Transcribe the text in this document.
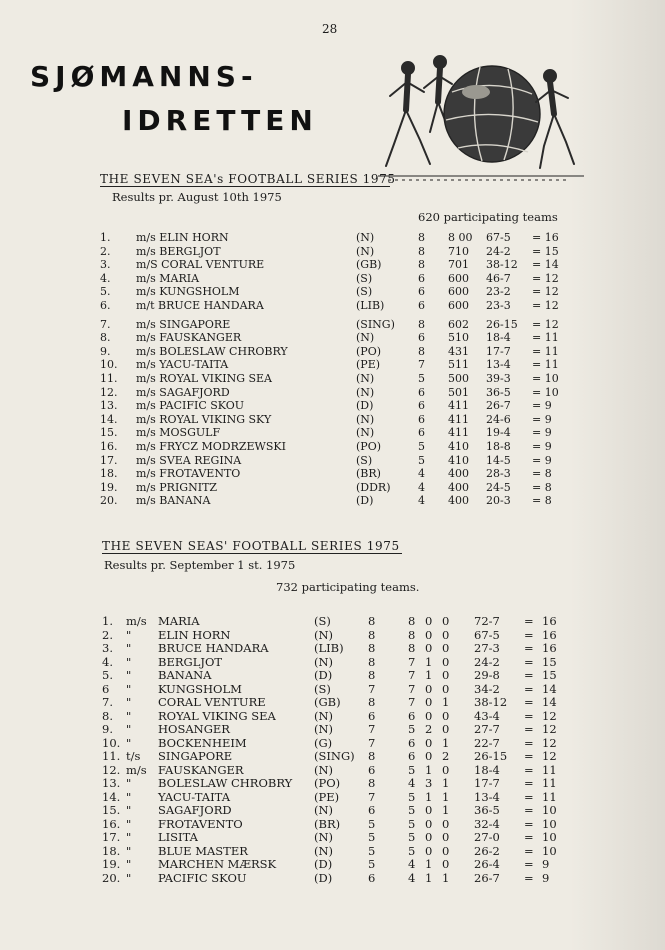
28
SJØMANNS-
IDRETTEN
THE SEVEN SEA's FOOTBALL SERIES 1975
Results pr. August 10th 1975
620 participating teams
1. m/s ELIN HORN	(N)	8 8 00 67-5 = 16
2. m/s BERGLJOT	(N)	8 710 24-2 = 15
3. m/S CORAL VENTURE	(GB)	8 701 38-12 = 14
4. m/s MARIA	(S)	6 600 46-7 = 12
5. m/s KUNGSHOLM	(S)	6 600 23-2 = 12
6. m/t BRUCE HANDARA	(LIB)	6 600 23-3 = 12
7. m/s SINGAPORE	(SING) 8 602 26-15 = 12
8. m/s FAUSKANGER	(N)	6 510 18-4 = 11
9. m/s BOLESLAW CHROBRY	(PO)	8 431 17-7 = 11
10. m/s YACU-TAITA	(PE)	7 511 13-4 = 11
11. m/s ROYAL VIKING SEA	(N)	5 500 39-3 = 10
12. m/s SAGAFJORD	(N)	6 501 36-5 = 10
13. m/s PACIFIC SKOU	(D)	6 411 26-7 = 9
14. m/s ROYAL VIKING SKY	(N)	6 411 24-6 = 9
15. m/s MOSGULF	(N)	6 411 19-4 = 9
16. m/s FRYCZ MODRZEWSKI	(PO)	5 410 18-8 = 9
17. m/s SVEA REGINA	(S)	5 410 14-5 = 9
18. m/s FROTAVENTO	(BR)	4 400 28-3 = 8
19. m/s PRIGNITZ	(DDR) 4 400 24-5 = 8
20. m/s BANANA	(D)	4 400 20-3 = 8
THE SEVEN SEAS' FOOTBALL SERIES 1975
Results pr. September 1 st. 1975
732 participating teams.
1. m/s MARIA	(S)	8	8 0 0 72-7 = 16
2. " ELIN HORN	(N)	8	8 0 0 67-5 = 16
3. " BRUCE HANDARA	(LIB) 8	8 0 0 27-3 = 16
4. " BERGLJOT	(N)	8	7 1 0 24-2 = 15
5. " BANANA	(D)	8	7 1 0 29-8 = 15
6 " KUNGSHOLM	(S)	7	7 0 0 34-2 = 14
7. " CORAL VENTURE	(GB) 8	7 0 1 38-12 = 14
8. " ROYAL VIKING SEA	(N)	6	6 0 0 43-4 = 12
9. " HOSANGER	(N)	7	5 2 0 27-7 = 12
10. " BOCKENHEIM	(G)	7	6 0 1 22-7 = 12
11. t/s SINGAPORE	(SING) 8	6 0 2 26-15 = 12
12. m/s FAUSKANGER	(N)	6	5 1 0 18-4 = 11
13. " BOLESLAW CHROBRY (PO) 8	4 3 1 17-7 = 11
14. " YACU-TAITA	(PE)	7	5 1 1 13-4 = 11
15. " SAGAFJORD	(N)	6	5 0 1 36-5 = 10
16. " FROTAVENTO	(BR) 5	5 0 0 32-4 = 10
17. " LISITA	(N)	5	5 0 0 27-0 = 10
18. " BLUE MASTER	(N)	5	5 0 0 26-2 = 10
19. " MARCHEN MÆRSK	(D)	5	4 1 0 26-4 = 9
20. " PACIFIC SKOU	(D)	6	4 1 1 26-7 = 9
